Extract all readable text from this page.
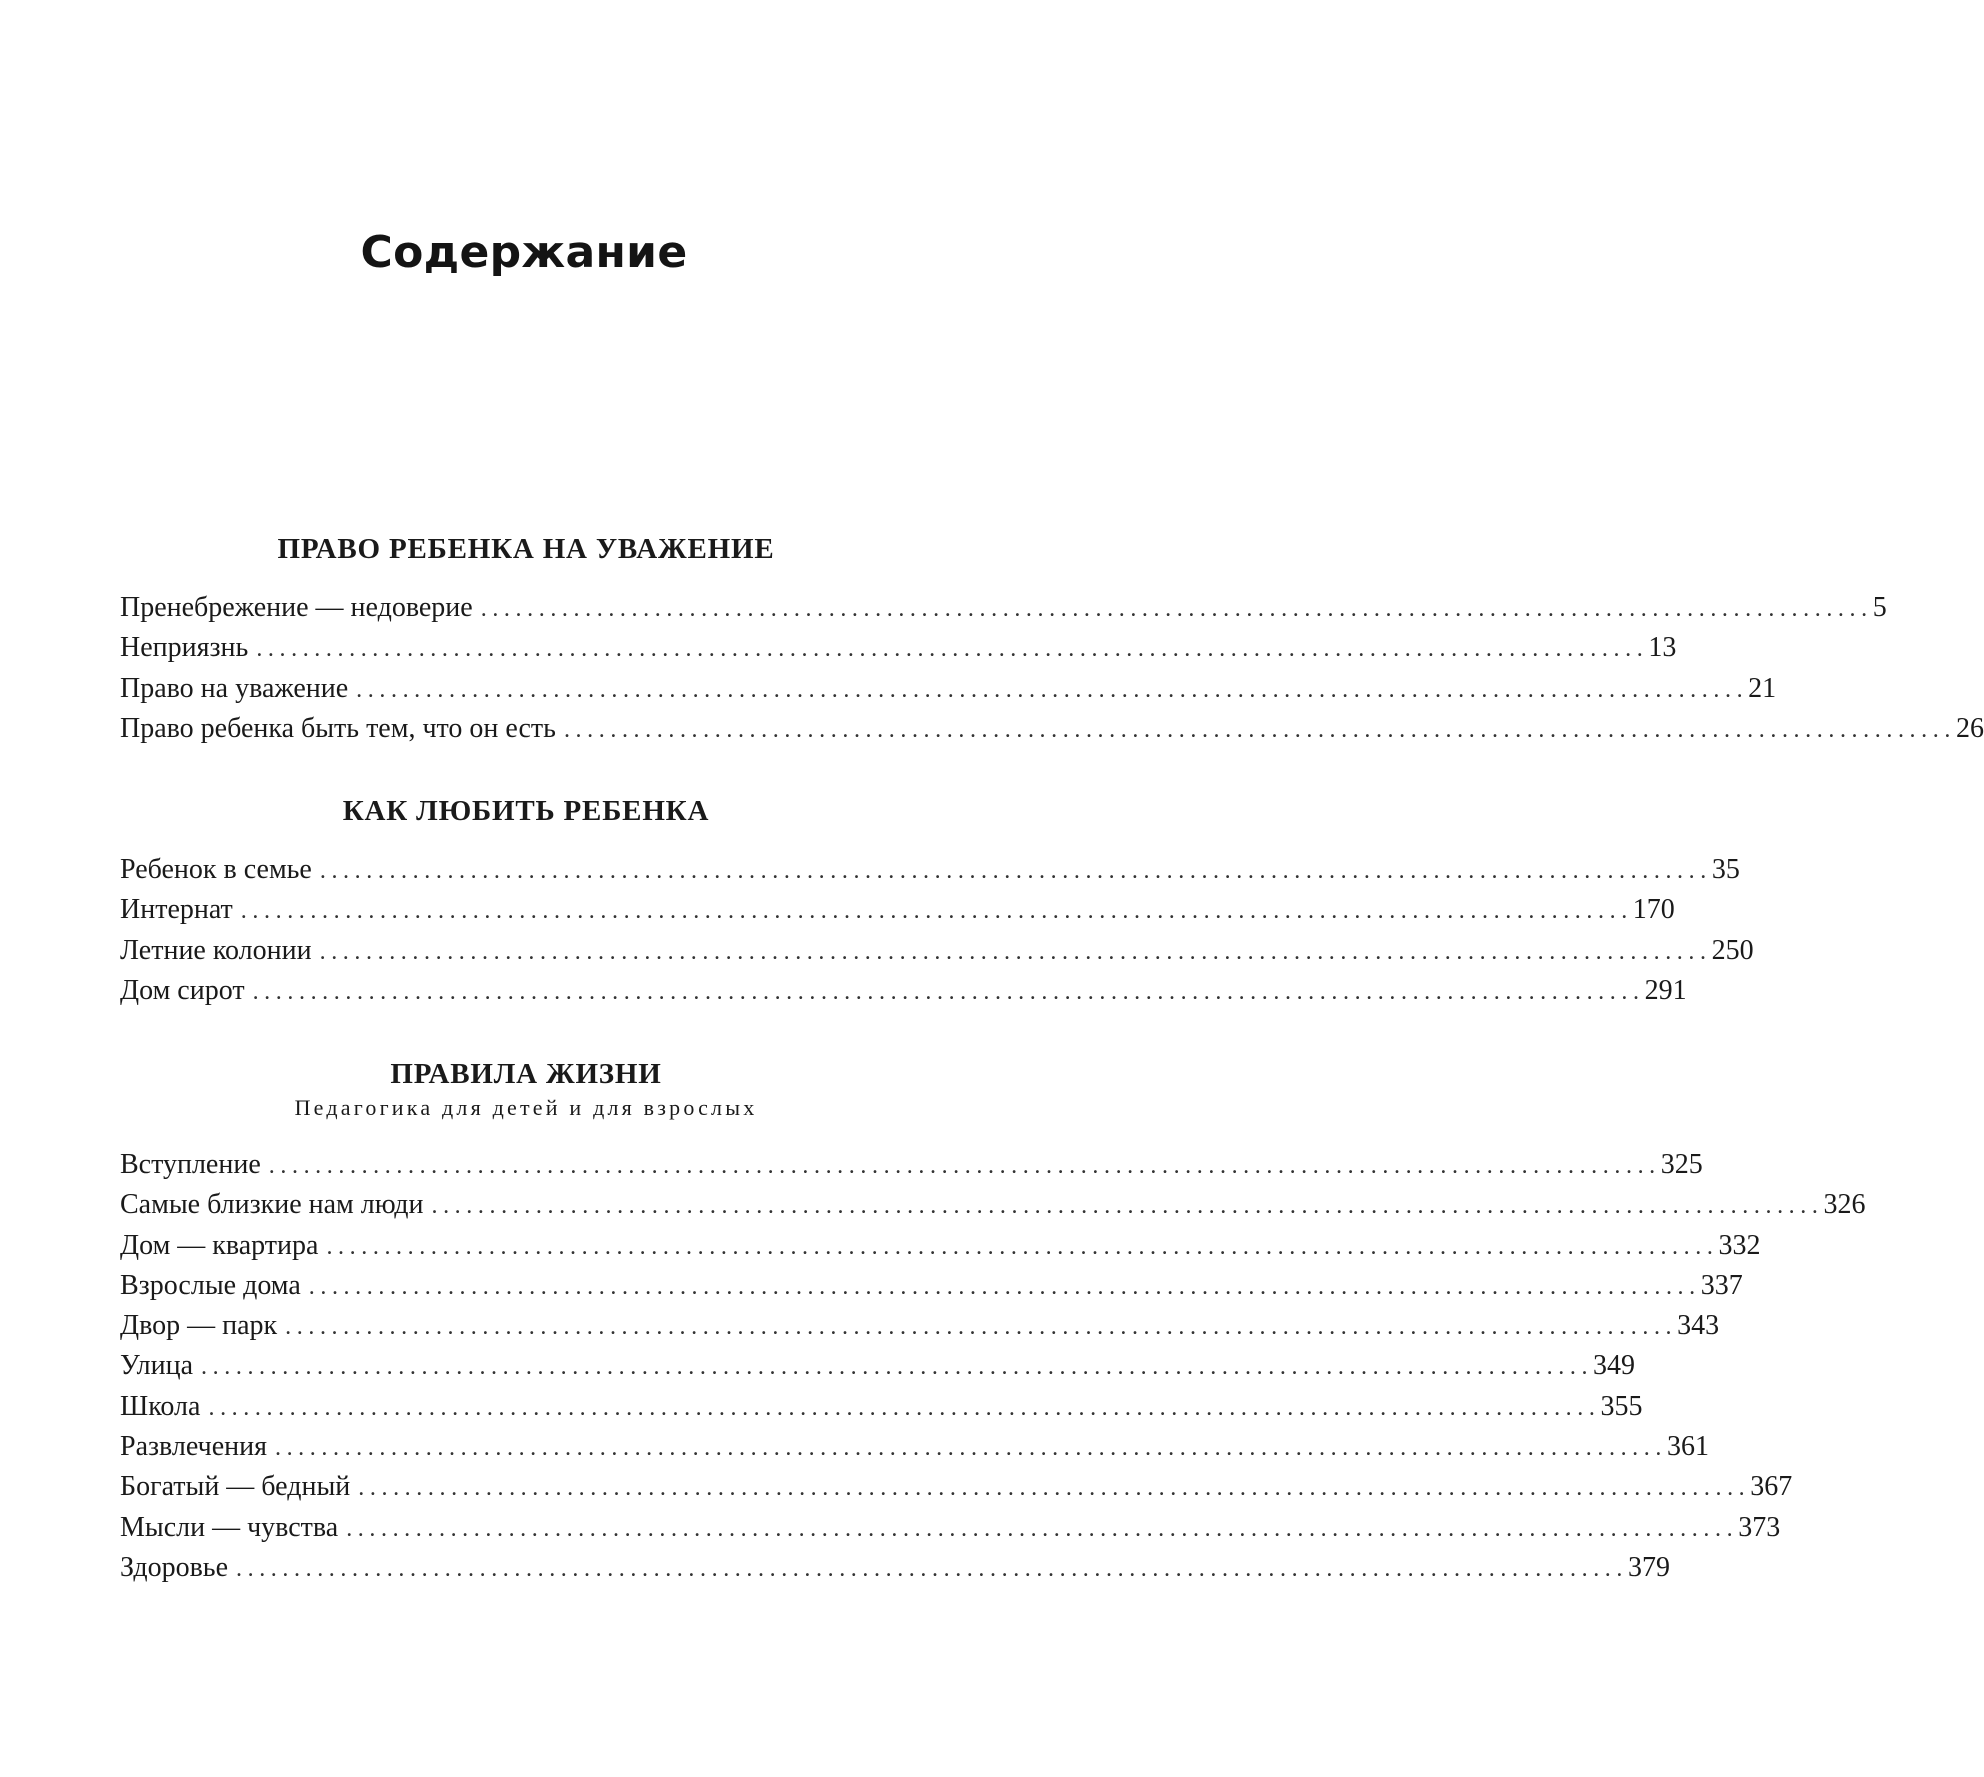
Содержание
ПРАВО РЕБЕНКА НА УВАЖЕНИЕ
Пренебрежение — недоверие ........................................................................................................................ 5
Неприязнь ........................................................................................................................ 13
Право на уважение ........................................................................................................................ 21
Право ребенка быть тем, что он есть ........................................................................................................................ 26
КАК ЛЮБИТЬ РЕБЕНКА
Ребенок в семье ........................................................................................................................ 35
Интернат ........................................................................................................................ 170
Летние колонии ........................................................................................................................ 250
Дом сирот ........................................................................................................................ 291
ПРАВИЛА ЖИЗНИ

Педагогика для детей и для взрослых

Вступление ........................................................................................................................ 325
Самые близкие нам люди ........................................................................................................................ 326
Дом — квартира ........................................................................................................................ 332
Взрослые дома ........................................................................................................................ 337
Двор — парк ........................................................................................................................ 343
Улица ........................................................................................................................ 349
Школа ........................................................................................................................ 355
Развлечения ........................................................................................................................ 361
Богатый — бедный ........................................................................................................................ 367
Мысли — чувства ........................................................................................................................ 373
Здоровье ........................................................................................................................ 379
